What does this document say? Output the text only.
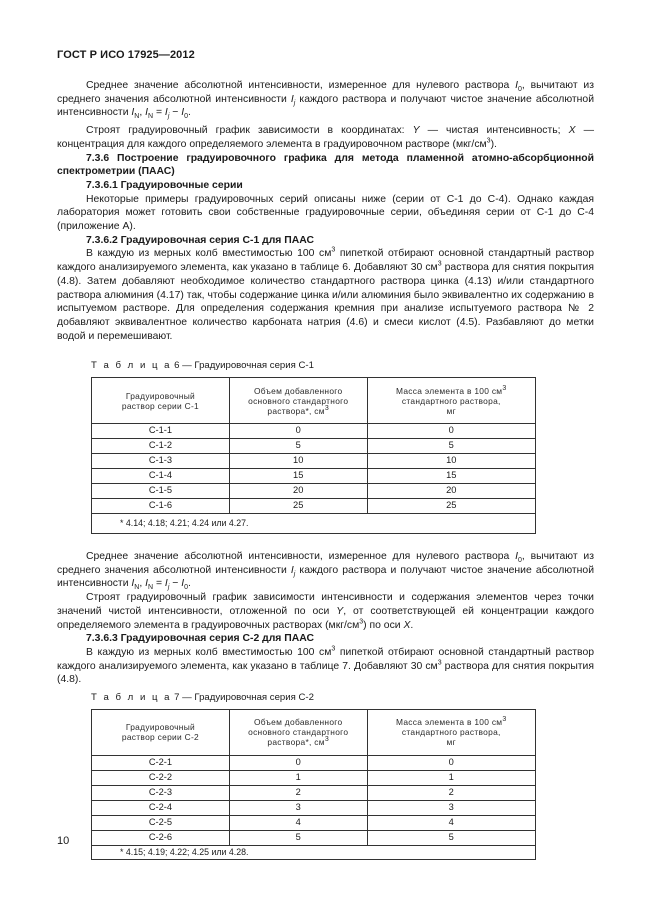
ГОСТ Р ИСО 17925—2012

Среднее значение абсолютной интенсивности, измеренное для нулевого раствора $I_0$, вычитают из среднего значения абсолютной интенсивности $I_j$ каждого раствора и получают чистое значение абсолютной интенсивности $I_N$, $I_N = I_j - I_0$.

Строят градуировочный график зависимости в координатах: Y — чистая интенсивность; X — концентрация для каждого определяемого элемента в градуировочном растворе $(мкг/см^3)$.

7.3.6 Построение градуировочного графика для метода пламенной атомно-абсорбционной спектрометрии (ПААС)

7.3.6.1 Градуировочные серии

Некоторые примеры градуировочных серий описаны ниже (серии от С-1 до С-4). Однако каждая лаборатория может готовить свои собственные градуировочные серии, объединяя серии от С-1 до С-4 (приложение А).

7.3.6.2 Градуировочная серия С-1 для ПААС

В каждую из мерных колб вместимостью 100 $см^3$ пипеткой отбирают основной стандартный раствор каждого анализируемого элемента, как указано в таблице 6. Добавляют 30 $см^3$ раствора для снятия покрытия (4.8). Затем добавляют необходимое количество стандартного раствора цинка (4.13) и/или стандартного раствора алюминия (4.17) так, чтобы содержание цинка и/или алюминия было эквивалентно их содержанию в испытуемом растворе. Для определения содержания кремния при анализе испытуемого раствора № 2 добавляют эквивалентное количество карбоната натрия (4.6) и смеси кислот (4.5). Разбавляют до метки водой и перемешивают.

Т а б л и ц а 6 — Градуировочная серия С-1

Градуировочный раствор серии С-1	Объем добавленного
основного стандартного
раствора*, $см^3$	Масса элемента в 100 $см^3$
стандартного раствора,
мг
С-1-1	0	0
С-1-2	5	5
С-1-3	10	10
С-1-4	15	15
С-1-5	20	20
С-1-6	25	25
* 4.14; 4.18; 4.21; 4.24 или 4.27.		

Среднее значение абсолютной интенсивности, измеренное для нулевого раствора $I_0$, вычитают из среднего значения абсолютной интенсивности $I_j$ каждого раствора и получают чистое значение абсолютной интенсивности $I_N$, $I_N = I_j - I_0$.

Строят градуировочный график зависимости интенсивности и содержания элементов через точки значений чистой интенсивности, отложенной по оси Y, от соответствующей ей концентрации каждого определяемого элемента в градуировочных растворах $(мкг/см^3)$ по оси X.

7.3.6.3 Градуировочная серия С-2 для ПААС

В каждую из мерных колб вместимостью 100 $см^3$ пипеткой отбирают основной стандартный раствор каждого анализируемого элемента, как указано в таблице 7. Добавляют 30 $см^3$ раствора для снятия покрытия (4.8).

Т а б л и ц а 7 — Градуировочная серия С-2

Градуировочный раствор серии С-2	Объем добавленного
основного стандартного
раствора*, $см^3$	Масса элемента в 100 $см^3$
стандартного раствора,
мг
С-2-1	0	0
С-2-2	1	1
С-2-3	2	2
С-2-4	3	3
С-2-5	4	4
С-2-6	5	5
* 4.15; 4.19; 4.22; 4.25 или 4.28.		
10
